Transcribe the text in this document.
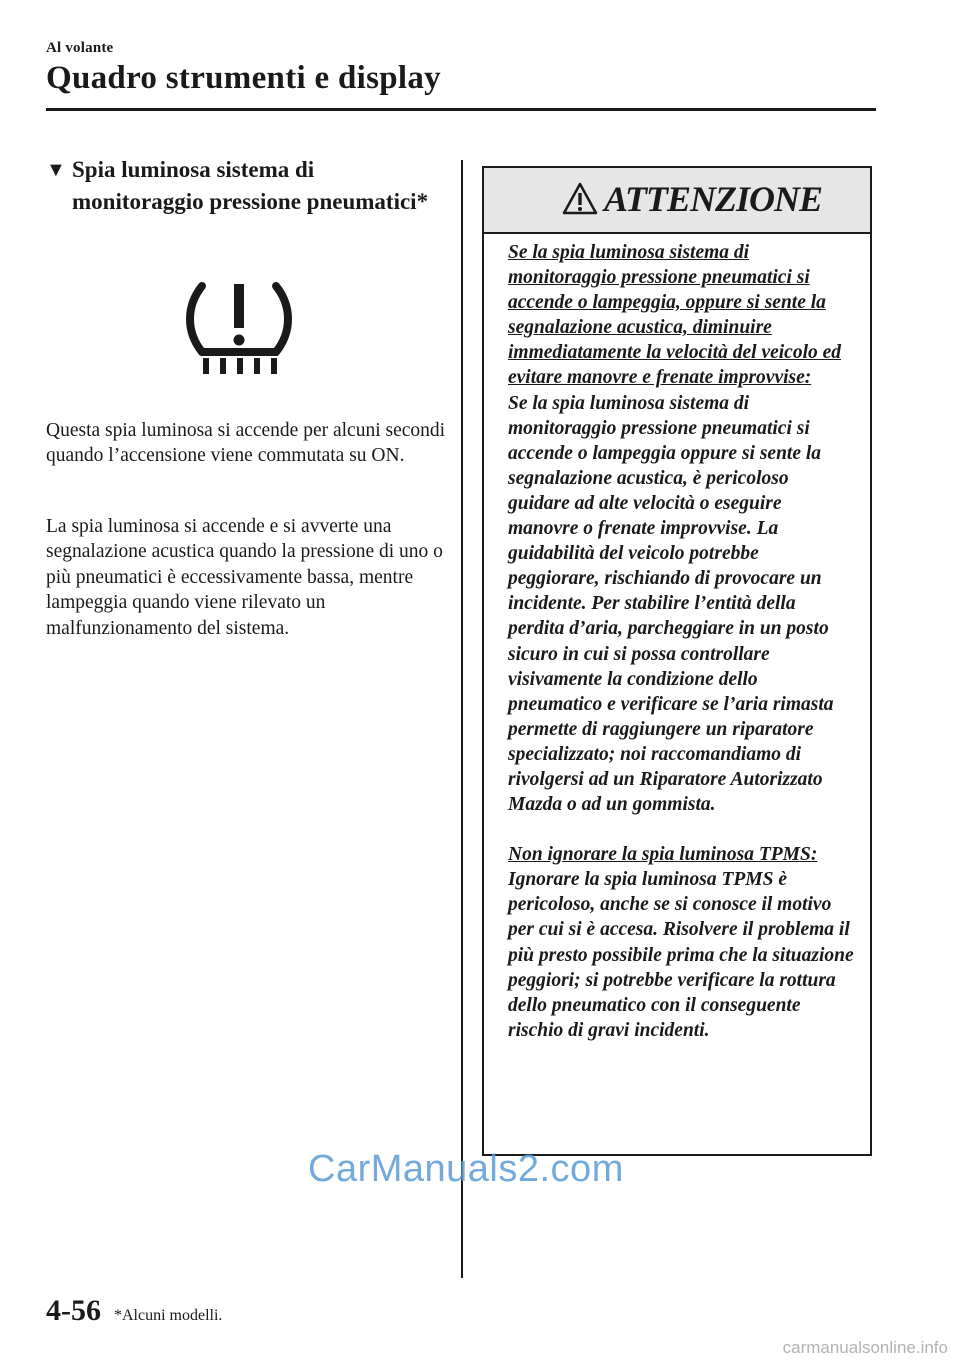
Al volante
Quadro strumenti e display
▼ Spia luminosa sistema di monitoraggio pressione pneumatici*

Questa spia luminosa si accende per alcuni secondi quando l’accensione viene commutata su ON.

La spia luminosa si accende e si avverte una segnalazione acustica quando la pressione di uno o più pneumatici è eccessivamente bassa, mentre lampeggia quando viene rilevato un malfunzionamento del sistema.

ATTENZIONE

Se la spia luminosa sistema di monitoraggio pressione pneumatici si accende o lampeggia, oppure si sente la segnalazione acustica, diminuire immediatamente la velocità del veicolo ed evitare manovre e frenate improvvise:

Se la spia luminosa sistema di monitoraggio pressione pneumatici si accende o lampeggia oppure si sente la segnalazione acustica, è pericoloso guidare ad alte velocità o eseguire manovre o frenate improvvise. La guidabilità del veicolo potrebbe peggiorare, rischiando di provocare un incidente. Per stabilire l’entità della perdita d’aria, parcheggiare in un posto sicuro in cui si possa controllare visivamente la condizione dello pneumatico e verificare se l’aria rimasta permette di raggiungere un riparatore specializzato; noi raccomandiamo di rivolgersi ad un Riparatore Autorizzato Mazda o ad un gommista.

Non ignorare la spia luminosa TPMS:

Ignorare la spia luminosa TPMS è pericoloso, anche se si conosce il motivo per cui si è accesa. Risolvere il problema il più presto possibile prima che la situazione peggiori; si potrebbe verificare la rottura dello pneumatico con il conseguente rischio di gravi incidenti.

CarManuals2.com
4-56 *Alcuni modelli.
carmanualsonline.info
